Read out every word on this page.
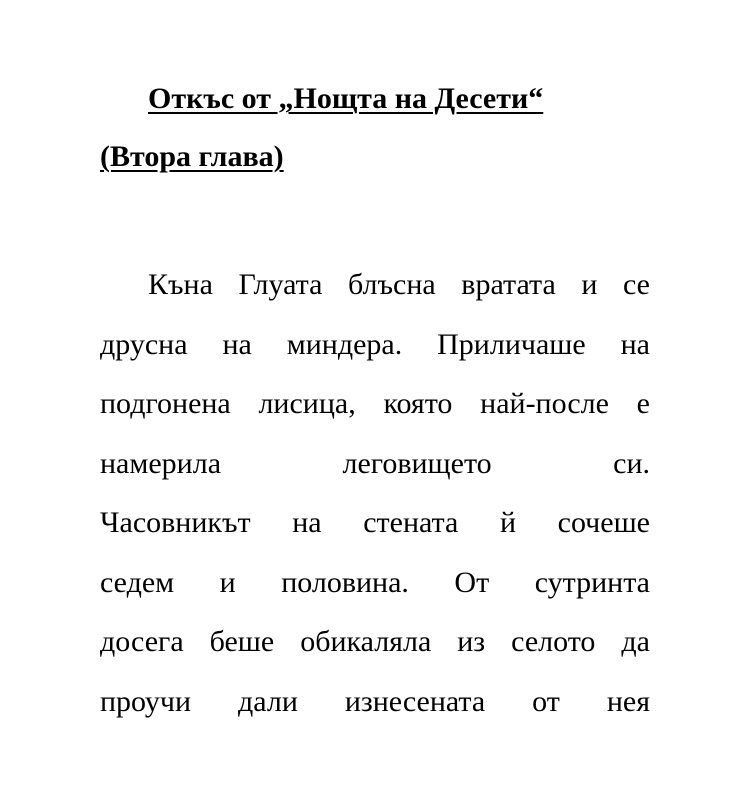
Откъс от „Нощта на Десети“
(Втора глава)
Къна Глуата блъсна вратата и се
друсна на миндера. Приличаше на
подгонена лисица, която най-после е
намерила леговището си.
Часовникът на стената й сочеше
седем и половина. От сутринта
досега беше обикаляла из селото да
проучи дали изнесената от нея
